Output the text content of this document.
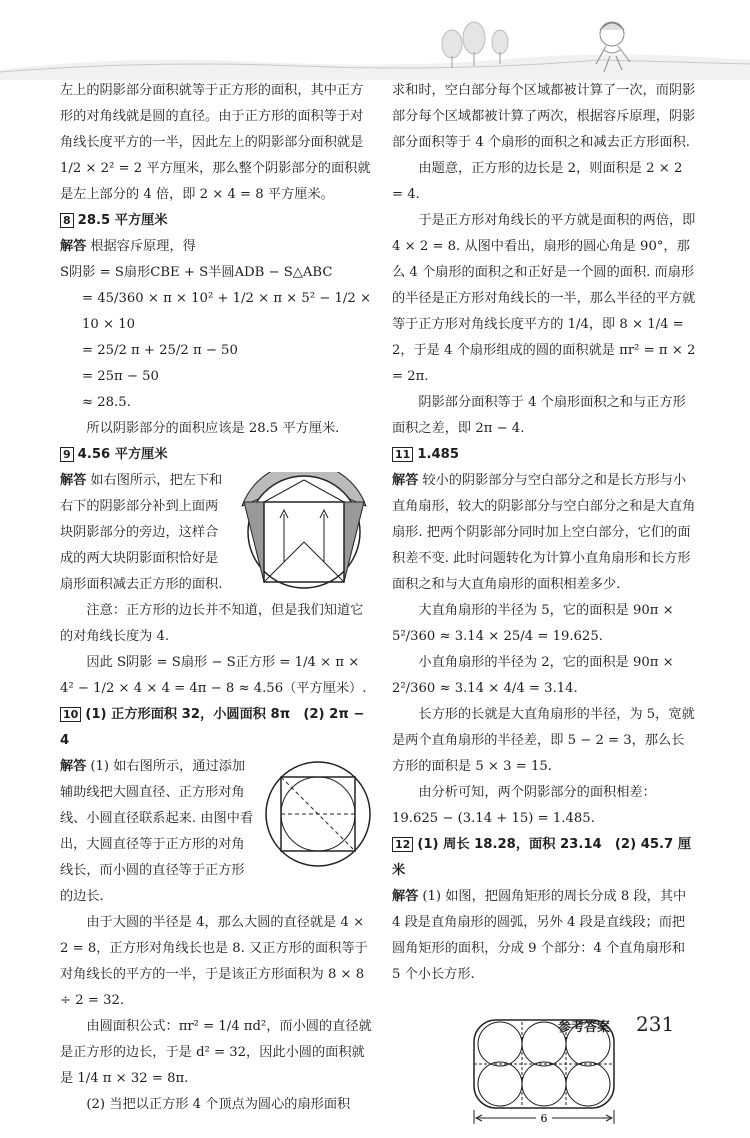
左上的阴影部分面积就等于正方形的面积，其中正方形的对角线就是圆的直径。由于正方形的面积等于对角线长度平方的一半，因此左上的阴影部分面积就是

1/2 × 2² = 2 平方厘米，那么整个阴影部分的面积就是左上部分的 4 倍，即 2 × 4 = 8 平方厘米。

8 28.5 平方厘米
解答 根据容斥原理，得
S阴影 = S扇形CBE + S半圆ADB − S△ABC
= 45/360 × π × 10² + 1/2 × π × 5² − 1/2 × 10 × 10
= 25/2 π + 25/2 π − 50
= 25π − 50
≈ 28.5.

所以阴影部分的面积应该是 28.5 平方厘米.

9 4.56 平方厘米

解答 如右图所示，把左下和右下的阴影部分补到上面两块阴影部分的旁边，这样合成的两大块阴影面积恰好是扇形面积减去正方形的面积.

注意：正方形的边长并不知道，但是我们知道它的对角线长度为 4.

因此 S阴影 = S扇形 − S正方形 = 1/4 × π × 4² − 1/2 × 4 × 4 = 4π − 8 ≈ 4.56（平方厘米）.

10 (1) 正方形面积 32，小圆面积 8π　(2) 2π − 4

解答 (1) 如右图所示，通过添加辅助线把大圆直径、正方形对角线、小圆直径联系起来. 由图中看出，大圆直径等于正方形的对角线长，而小圆的直径等于正方形的边长.

由于大圆的半径是 4，那么大圆的直径就是 4 × 2 = 8，正方形对角线长也是 8. 又正方形的面积等于对角线长的平方的一半，于是该正方形面积为 8 × 8 ÷ 2 = 32.

由圆面积公式：πr² = 1/4 πd²，而小圆的直径就是正方形的边长，于是 d² = 32，因此小圆的面积就是 1/4 π × 32 = 8π.

(2) 当把以正方形 4 个顶点为圆心的扇形面积

求和时，空白部分每个区域都被计算了一次，而阴影部分每个区域都被计算了两次，根据容斥原理，阴影部分面积等于 4 个扇形的面积之和减去正方形面积.

由题意，正方形的边长是 2，则面积是 2 × 2 = 4.

于是正方形对角线长的平方就是面积的两倍，即 4 × 2 = 8. 从图中看出，扇形的圆心角是 90°，那么 4 个扇形的面积之和正好是一个圆的面积. 而扇形的半径是正方形对角线长的一半，那么半径的平方就等于正方形对角线长度平方的 1/4，即 8 × 1/4 = 2，于是 4 个扇形组成的圆的面积就是 πr² = π × 2 = 2π.

阴影部分面积等于 4 个扇形面积之和与正方形面积之差，即 2π − 4.

11 1.485

解答 较小的阴影部分与空白部分之和是长方形与小直角扇形，较大的阴影部分与空白部分之和是大直角扇形. 把两个阴影部分同时加上空白部分，它们的面积差不变. 此时问题转化为计算小直角扇形和长方形面积之和与大直角扇形的面积相差多少.

大直角扇形的半径为 5，它的面积是 90π × 5²/360 ≈ 3.14 × 25/4 = 19.625.

小直角扇形的半径为 2，它的面积是 90π × 2²/360 ≈ 3.14 × 4/4 = 3.14.

长方形的长就是大直角扇形的半径，为 5，宽就是两个直角扇形的半径差，即 5 − 2 = 3，那么长方形的面积是 5 × 3 = 15.

由分析可知，两个阴影部分的面积相差：19.625 − (3.14 + 15) = 1.485.

12 (1) 周长 18.28，面积 23.14　(2) 45.7 厘米

解答 (1) 如图，把圆角矩形的周长分成 8 段，其中 4 段是直角扇形的圆弧，另外 4 段是直线段；而把圆角矩形的面积，分成 9 个部分：4 个直角扇形和 5 个小长方形.

6
参考答案 231
